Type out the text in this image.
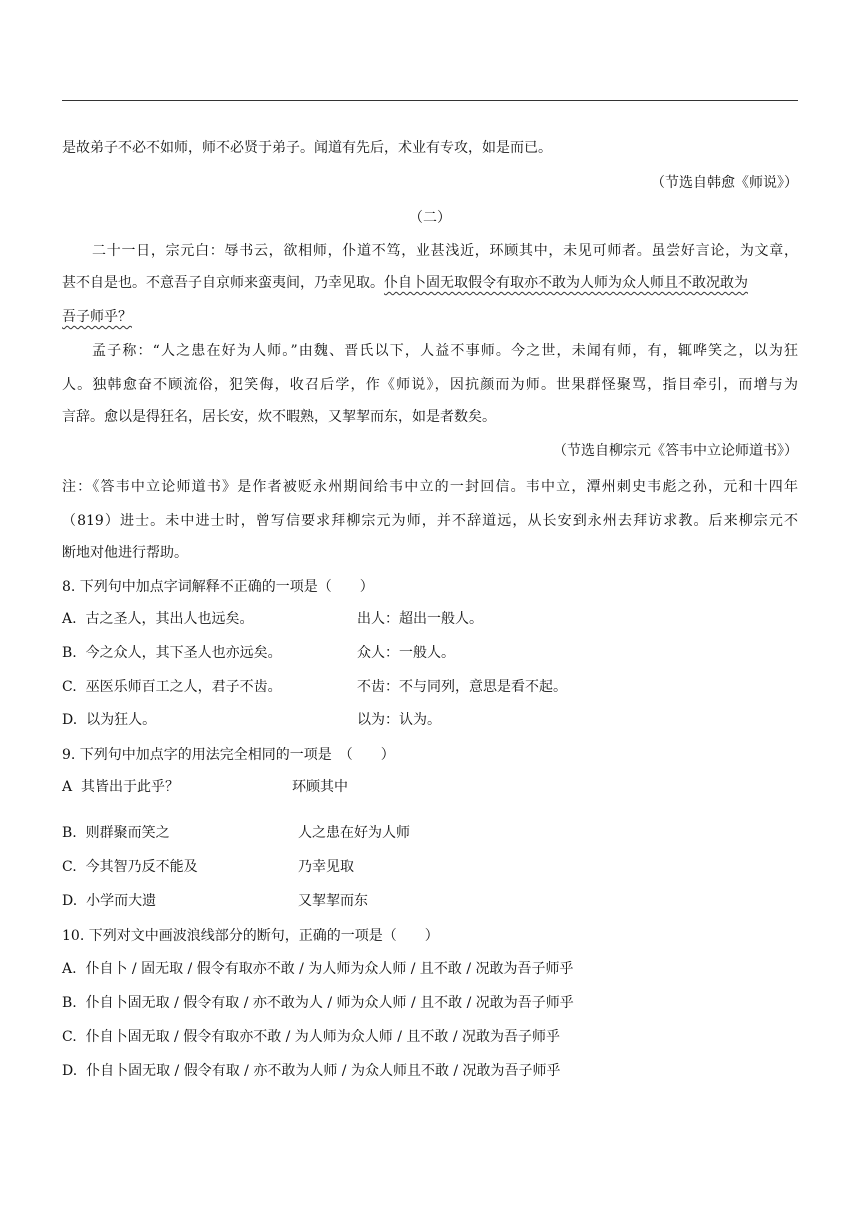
是故弟子不必不如师，师不必贤于弟子。闻道有先后，术业有专攻，如是而已。
（节选自韩愈《师说》）
（二）
二十一日，宗元白：辱书云，欲相师，仆道不笃，业甚浅近，环顾其中，未见可师者。虽尝好言论，为文章，
甚不自是也。不意吾子自京师来蛮夷间，乃幸见取。仆自卜固无取假令有取亦不敢为人师为众人师且不敢况敢为
吾子师乎？
孟子称：“人之患在好为人师。”由魏、晋氏以下，人益不事师。今之世，未闻有师，有，辄哗笑之，以为狂
人。独韩愈奋不顾流俗，犯笑侮，收召后学，作《师说》，因抗颜而为师。世果群怪聚骂，指目牵引，而增与为
言辞。愈以是得狂名，居长安，炊不暇熟，又挈挈而东，如是者数矣。
（节选自柳宗元《答韦中立论师道书》）
注：《答韦中立论师道书》是作者被贬永州期间给韦中立的一封回信。韦中立，潭州刺史韦彪之孙，元和十四年
（819）进士。未中进士时，曾写信要求拜柳宗元为师，并不辞道远，从长安到永州去拜访求教。后来柳宗元不
断地对他进行帮助。
8. 下列句中加点字词解释不正确的一项是（　　）
A. 古之圣人，其出人也远矣。	出人：超出一般人。
B. 今之众人，其下圣人也亦远矣。	众人：一般人。
C. 巫医乐师百工之人，君子不齿。	不齿：不与同列，意思是看不起。
D. 以为狂人。	以为：认为。
9. 下列句中加点字的用法完全相同的一项是　（　　）
A 其皆出于此乎？	环顾其中
B. 则群聚而笑之	人之患在好为人师
C. 今其智乃反不能及	乃幸见取
D. 小学而大遗	又挈挈而东
10. 下列对文中画波浪线部分的断句，正确的一项是（　　）
A. 仆自卜 / 固无取 / 假令有取亦不敢 / 为人师为众人师 / 且不敢 / 况敢为吾子师乎
B. 仆自卜固无取 / 假令有取 / 亦不敢为人 / 师为众人师 / 且不敢 / 况敢为吾子师乎
C. 仆自卜固无取 / 假令有取亦不敢 / 为人师为众人师 / 且不敢 / 况敢为吾子师乎
D. 仆自卜固无取 / 假令有取 / 亦不敢为人师 / 为众人师且不敢 / 况敢为吾子师乎
